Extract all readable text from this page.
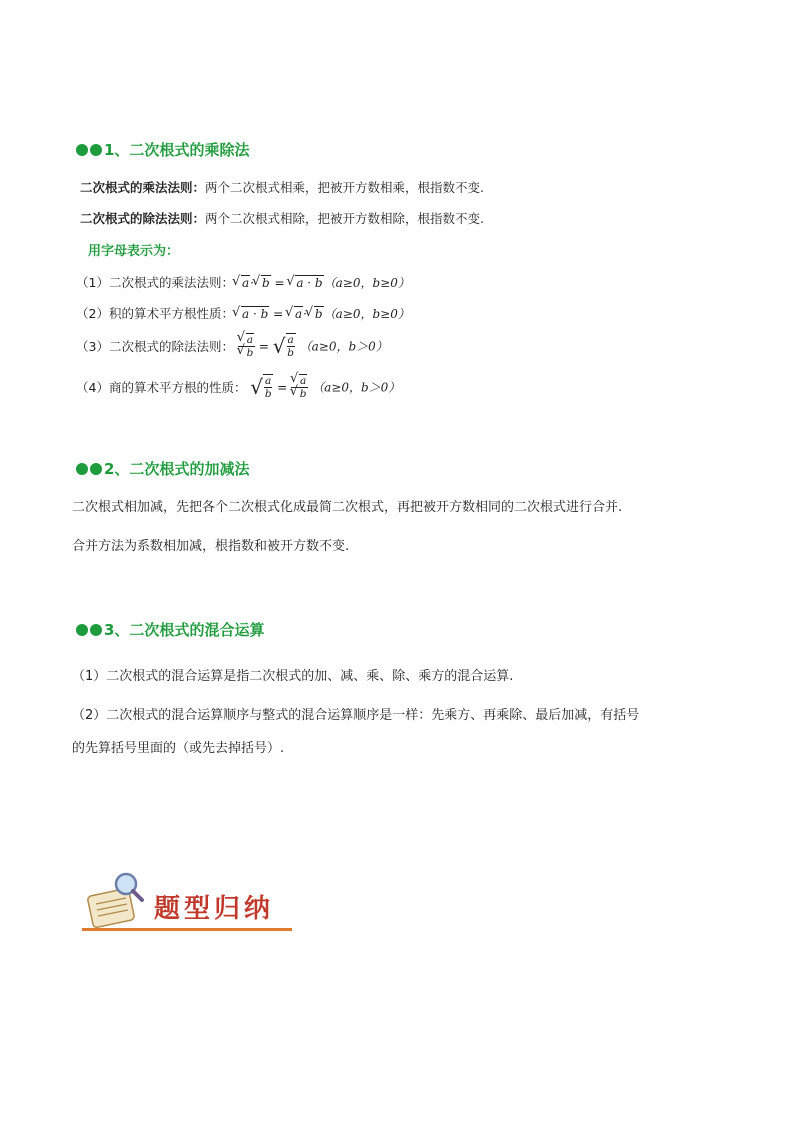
1、二次根式的乘除法
二次根式的乘法法则：两个二次根式相乘，把被开方数相乘，根指数不变.
二次根式的除法法则：两个二次根式相除，把被开方数相除，根指数不变.
用字母表示为：
（1）二次根式的乘法法则： √ a· √ b = √ a · b（a≥0，b≥0）
（2）积的算术平方根性质： √ a · b = √ a· √ b（a≥0，b≥0）
（3）二次根式的除法法则： √ a
√ b = √ $\frac{a}{b} (a\ge 0$，b＞0）
（4）商的算术平方根的性质： √ $\frac{a}{b}$ = √ a
√ b （a≥0，b＞0）
2、二次根式的加减法
二次根式相加减，先把各个二次根式化成最简二次根式，再把被开方数相同的二次根式进行合并.
合并方法为系数相加减，根指数和被开方数不变.
3、二次根式的混合运算
（1）二次根式的混合运算是指二次根式的加、减、乘、除、乘方的混合运算.
（2）二次根式的混合运算顺序与整式的混合运算顺序是一样：先乘方、再乘除、最后加减，有括号
的先算括号里面的（或先去掉括号）.
题型归纳
